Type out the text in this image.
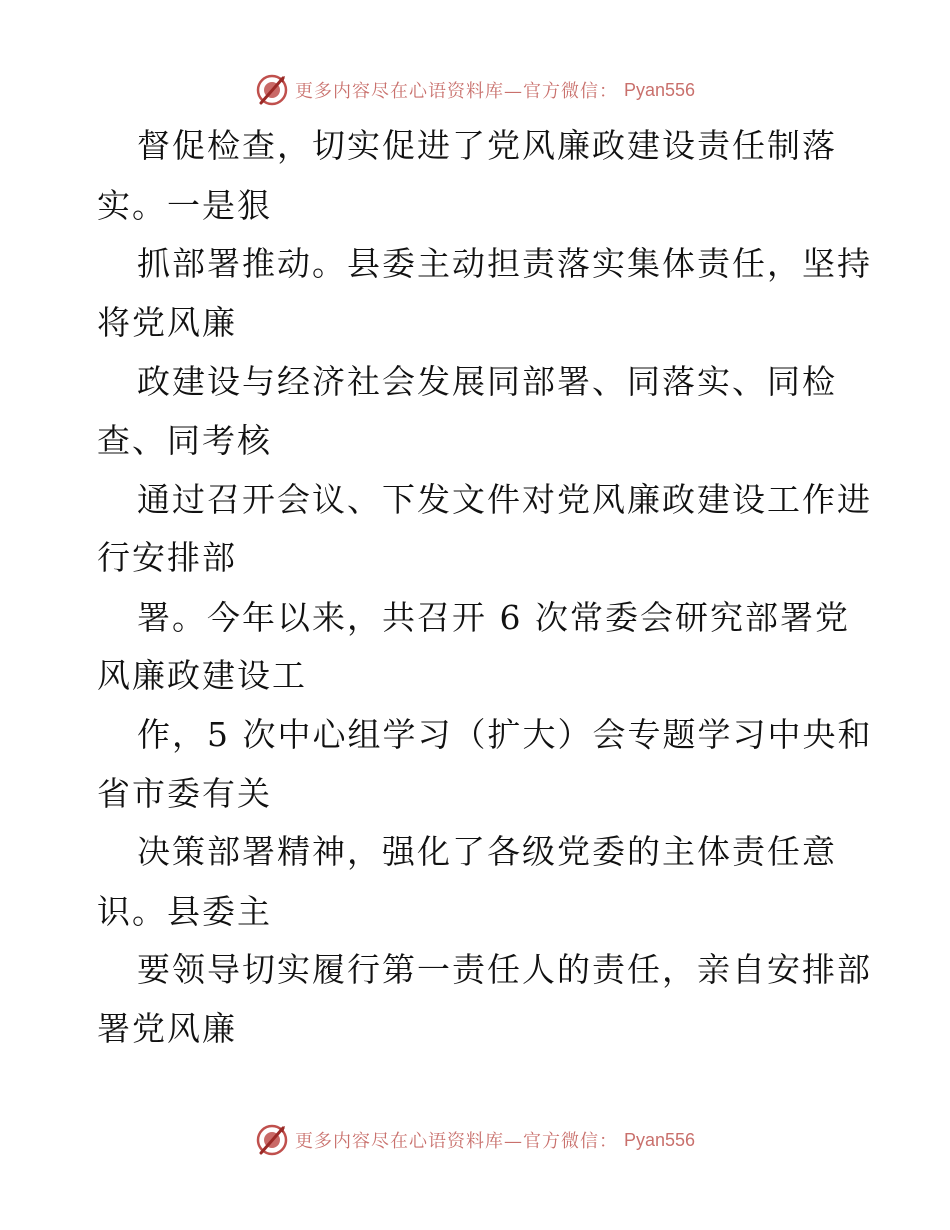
更多内容尽在心语资料库—官方微信： Pyan556
督促检查，切实促进了党风廉政建设责任制落
实。一是狠
抓部署推动。县委主动担责落实集体责任，坚持
将党风廉
政建设与经济社会发展同部署、同落实、同检
查、同考核
通过召开会议、下发文件对党风廉政建设工作进
行安排部
署。今年以来，共召开 6 次常委会研究部署党
风廉政建设工
作，5 次中心组学习（扩大）会专题学习中央和
省市委有关
决策部署精神，强化了各级党委的主体责任意
识。县委主
要领导切实履行第一责任人的责任，亲自安排部
署党风廉
更多内容尽在心语资料库—官方微信： Pyan556
